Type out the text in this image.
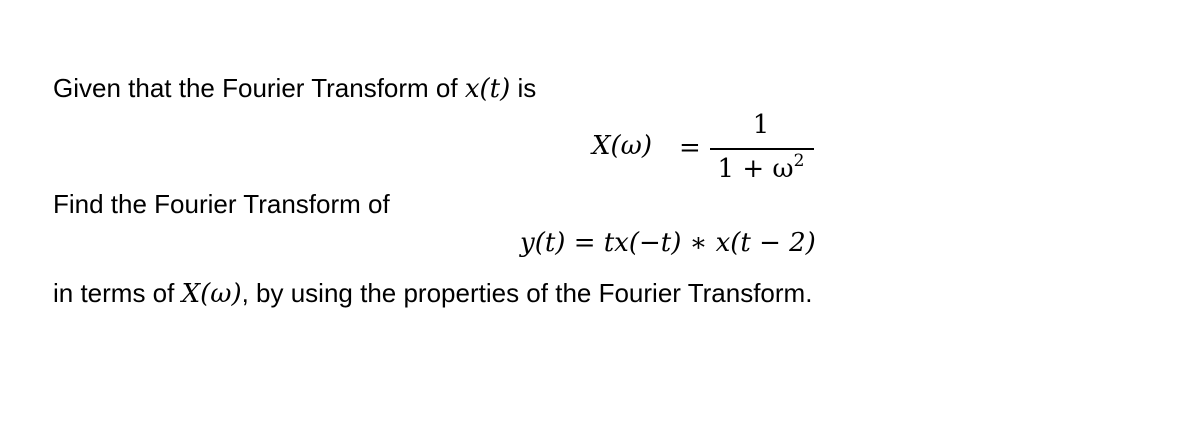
Given that the Fourier Transform of x(t) is
X(ω) =
1
$1 + \omega^2$
Find the Fourier Transform of
y(t) = tx(−t) ∗ x(t − 2)
in terms of X(ω), by using the properties of the Fourier Transform.
